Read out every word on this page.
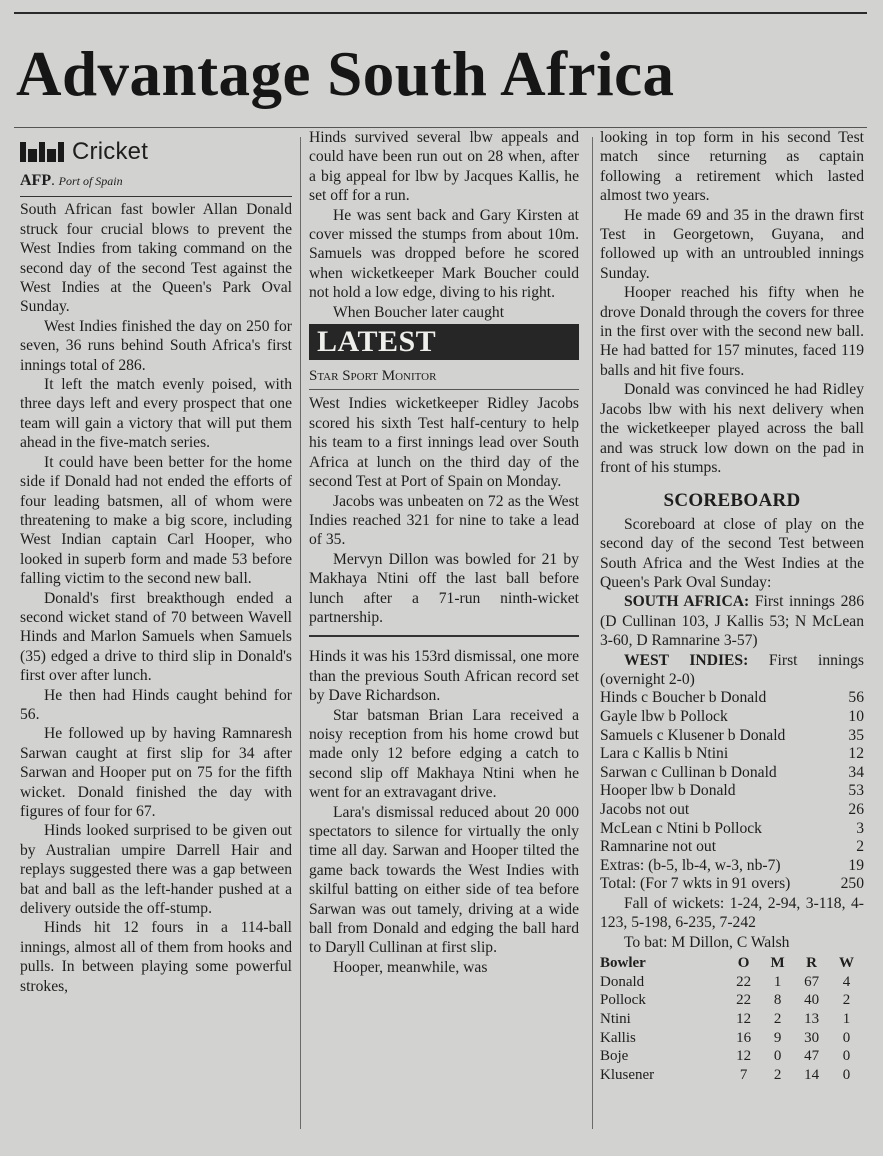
Advantage South Africa
Cricket
AFP. Port of Spain

South African fast bowler Allan Donald struck four crucial blows to prevent the West Indies from taking command on the second day of the second Test against the West Indies at the Queen's Park Oval Sunday.

West Indies finished the day on 250 for seven, 36 runs behind South Africa's first innings total of 286.

It left the match evenly poised, with three days left and every prospect that one team will gain a victory that will put them ahead in the five-match series.

It could have been better for the home side if Donald had not ended the efforts of four leading batsmen, all of whom were threatening to make a big score, including West Indian captain Carl Hooper, who looked in superb form and made 53 before falling victim to the second new ball.

Donald's first breakthough ended a second wicket stand of 70 between Wavell Hinds and Marlon Samuels when Samuels (35) edged a drive to third slip in Donald's first over after lunch.

He then had Hinds caught behind for 56.

He followed up by having Ramnaresh Sarwan caught at first slip for 34 after Sarwan and Hooper put on 75 for the fifth wicket. Donald finished the day with figures of four for 67.

Hinds looked surprised to be given out by Australian umpire Darrell Hair and replays suggested there was a gap between bat and ball as the left-hander pushed at a delivery outside the off-stump.

Hinds hit 12 fours in a 114-ball innings, almost all of them from hooks and pulls. In between playing some powerful strokes,

Hinds survived several lbw appeals and could have been run out on 28 when, after a big appeal for lbw by Jacques Kallis, he set off for a run.

He was sent back and Gary Kirsten at cover missed the stumps from about 10m. Samuels was dropped before he scored when wicketkeeper Mark Boucher could not hold a low edge, diving to his right.

When Boucher later caught

LATEST
Star Sport Monitor

West Indies wicketkeeper Ridley Jacobs scored his sixth Test half-century to help his team to a first innings lead over South Africa at lunch on the third day of the second Test at Port of Spain on Monday.

Jacobs was unbeaten on 72 as the West Indies reached 321 for nine to take a lead of 35.

Mervyn Dillon was bowled for 21 by Makhaya Ntini off the last ball before lunch after a 71-run ninth-wicket partnership.

Hinds it was his 153rd dismissal, one more than the previous South African record set by Dave Richardson.

Star batsman Brian Lara received a noisy reception from his home crowd but made only 12 before edging a catch to second slip off Makhaya Ntini when he went for an extravagant drive.

Lara's dismissal reduced about 20 000 spectators to silence for virtually the only time all day. Sarwan and Hooper tilted the game back towards the West Indies with skilful batting on either side of tea before Sarwan was out tamely, driving at a wide ball from Donald and edging the ball hard to Daryll Cullinan at first slip.

Hooper, meanwhile, was

looking in top form in his second Test match since returning as captain following a retirement which lasted almost two years.

He made 69 and 35 in the drawn first Test in Georgetown, Guyana, and followed up with an untroubled innings Sunday.

Hooper reached his fifty when he drove Donald through the covers for three in the first over with the second new ball. He had batted for 157 minutes, faced 119 balls and hit five fours.

Donald was convinced he had Ridley Jacobs lbw with his next delivery when the wicketkeeper played across the ball and was struck low down on the pad in front of his stumps.

SCOREBOARD

Scoreboard at close of play on the second day of the second Test between South Africa and the West Indies at the Queen's Park Oval Sunday:

SOUTH AFRICA: First innings 286 (D Cullinan 103, J Kallis 53; N McLean 3-60, D Ramnarine 3-57)

WEST INDIES: First innings (overnight 2-0)

Hinds c Boucher b Donald	56
Gayle lbw b Pollock	10
Samuels c Klusener b Donald	35
Lara c Kallis b Ntini	12
Sarwan c Cullinan b Donald	34
Hooper lbw b Donald	53
Jacobs not out	26
McLean c Ntini b Pollock	3
Ramnarine not out	2
Extras: (b-5, lb-4, w-3, nb-7)	19
Total: (For 7 wkts in 91 overs)	250

Fall of wickets: 1-24, 2-94, 3-118, 4-123, 5-198, 6-235, 7-242

To bat: M Dillon, C Walsh

Bowler	O	M	R	W
Donald	22	1	67	4
Pollock	22	8	40	2
Ntini	12	2	13	1
Kallis	16	9	30	0
Boje	12	0	47	0
Klusener	7	2	14	0
